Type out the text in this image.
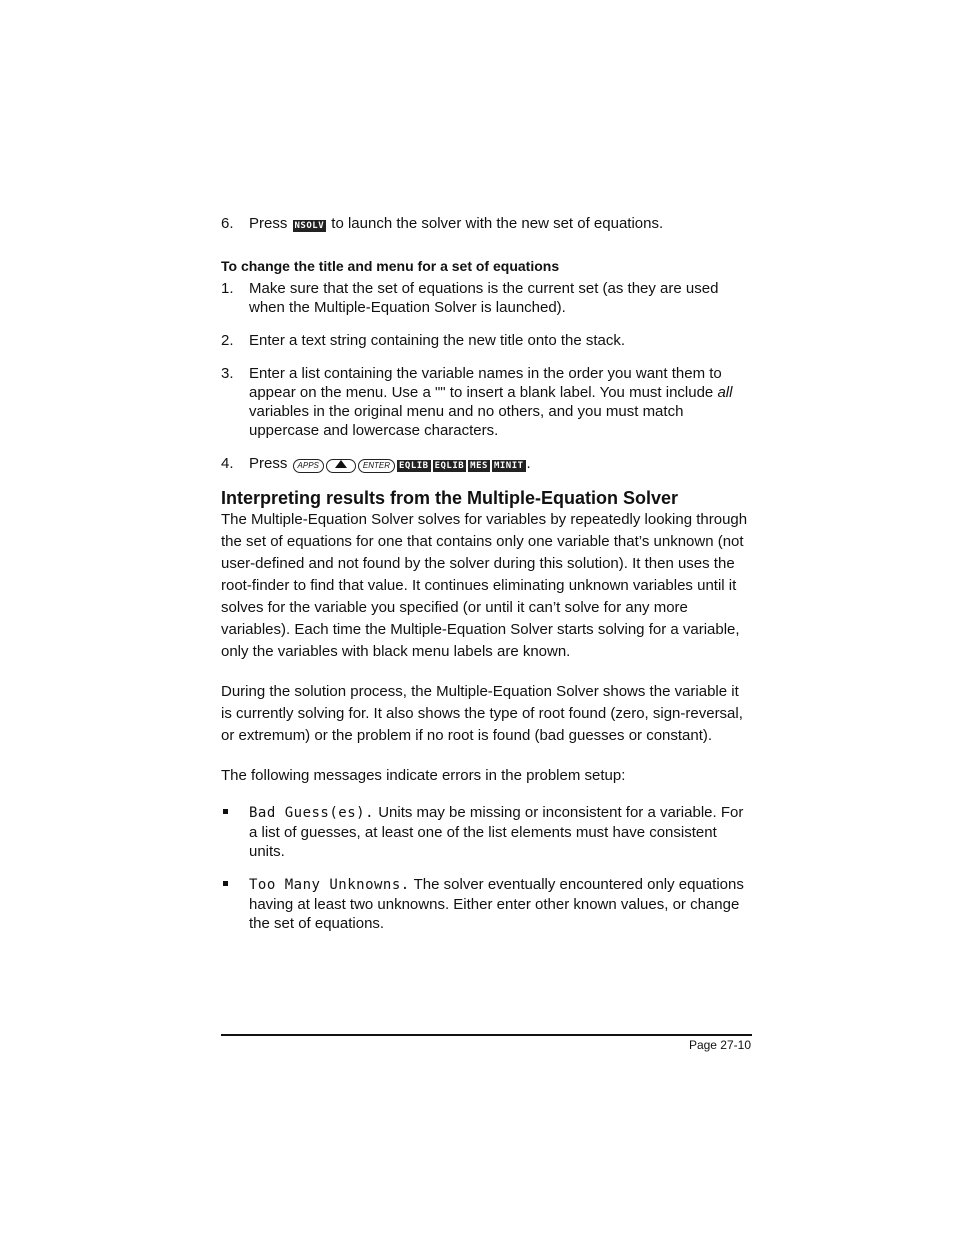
6. Press NSOLV to launch the solver with the new set of equations.

To change the title and menu for a set of equations

1. Make sure that the set of equations is the current set (as they are used when the Multiple-Equation Solver is launched).
2. Enter a text string containing the new title onto the stack.
3. Enter a list containing the variable names in the order you want them to appear on the menu. Use a "" to insert a blank label. You must include all variables in the original menu and no others, and you must match uppercase and lowercase characters.
4. Press APPS	ENTER EQLIB EQLIB MES MINIT .
Interpreting results from the Multiple-Equation Solver

The Multiple-Equation Solver solves for variables by repeatedly looking through the set of equations for one that contains only one variable that’s unknown (not user-defined and not found by the solver during this solution). It then uses the root-finder to find that value. It continues eliminating unknown variables until it solves for the variable you specified (or until it can’t solve for any more variables). Each time the Multiple-Equation Solver starts solving for a variable, only the variables with black menu labels are known.

During the solution process, the Multiple-Equation Solver shows the variable it is currently solving for. It also shows the type of root found (zero, sign-reversal, or extremum) or the problem if no root is found (bad guesses or constant).

The following messages indicate errors in the problem setup:

Bad Guess(es). Units may be missing or inconsistent for a variable. For a list of guesses, at least one of the list elements must have consistent units.
Too Many Unknowns. The solver eventually encountered only equations having at least two unknowns. Either enter other known values, or change the set of equations.
Page 27-10
